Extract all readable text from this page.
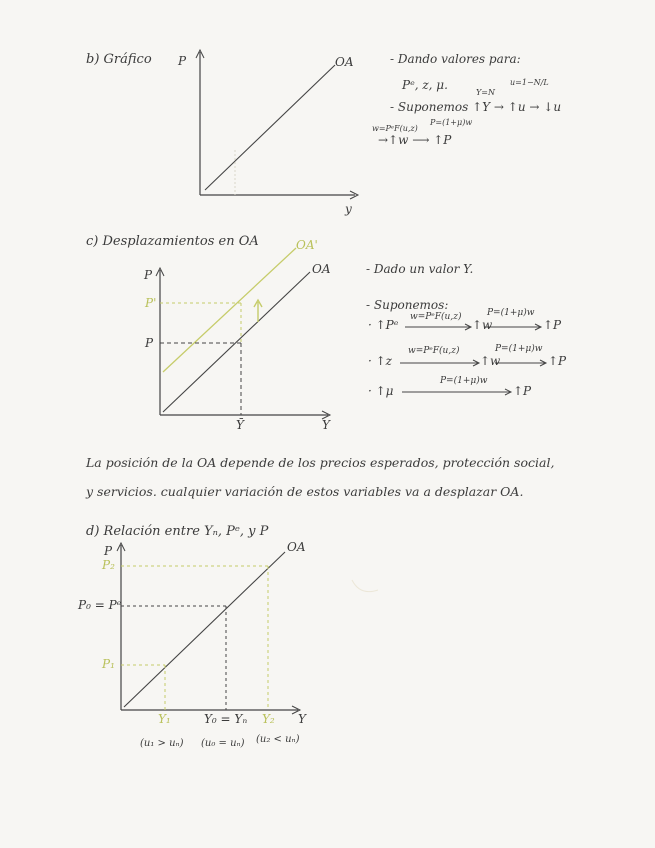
b) Gráfico P
y
OA	- Dando valores para:
Pᵉ, z, μ.
Y=N
u=1−N/L
- Suponemos ↑Y → ↑u → ↓u
w=PᵉF(u,z)
P=(1+μ)w
→↑w ⟶ ↑P
c) Desplazamientos en OA
P
P'
P
Y
Ȳ
OA
OA'
- Dado un valor Y.
- Suponemos:
· ↑Pᵉ
w=PᵉF(u,z)
↑w
P=(1+μ)w
↑P
· ↑z
w=PᵉF(u,z)
↑w
P=(1+μ)w
↑P
· ↑μ
P=(1+μ)w
↑P
La posición de la OA depende de los precios esperados, protección social,
y servicios. cualquier variación de estos variables va a desplazar OA.
d) Relación entre Yₙ, Pᵉ, y P
P	OA
P₂
P₀ = Pᵉ
P₁
Y
Y₁	Y₀ = Yₙ Y₂
(u₁ > uₙ) (u₀ = uₙ) (u₂ < uₙ)
